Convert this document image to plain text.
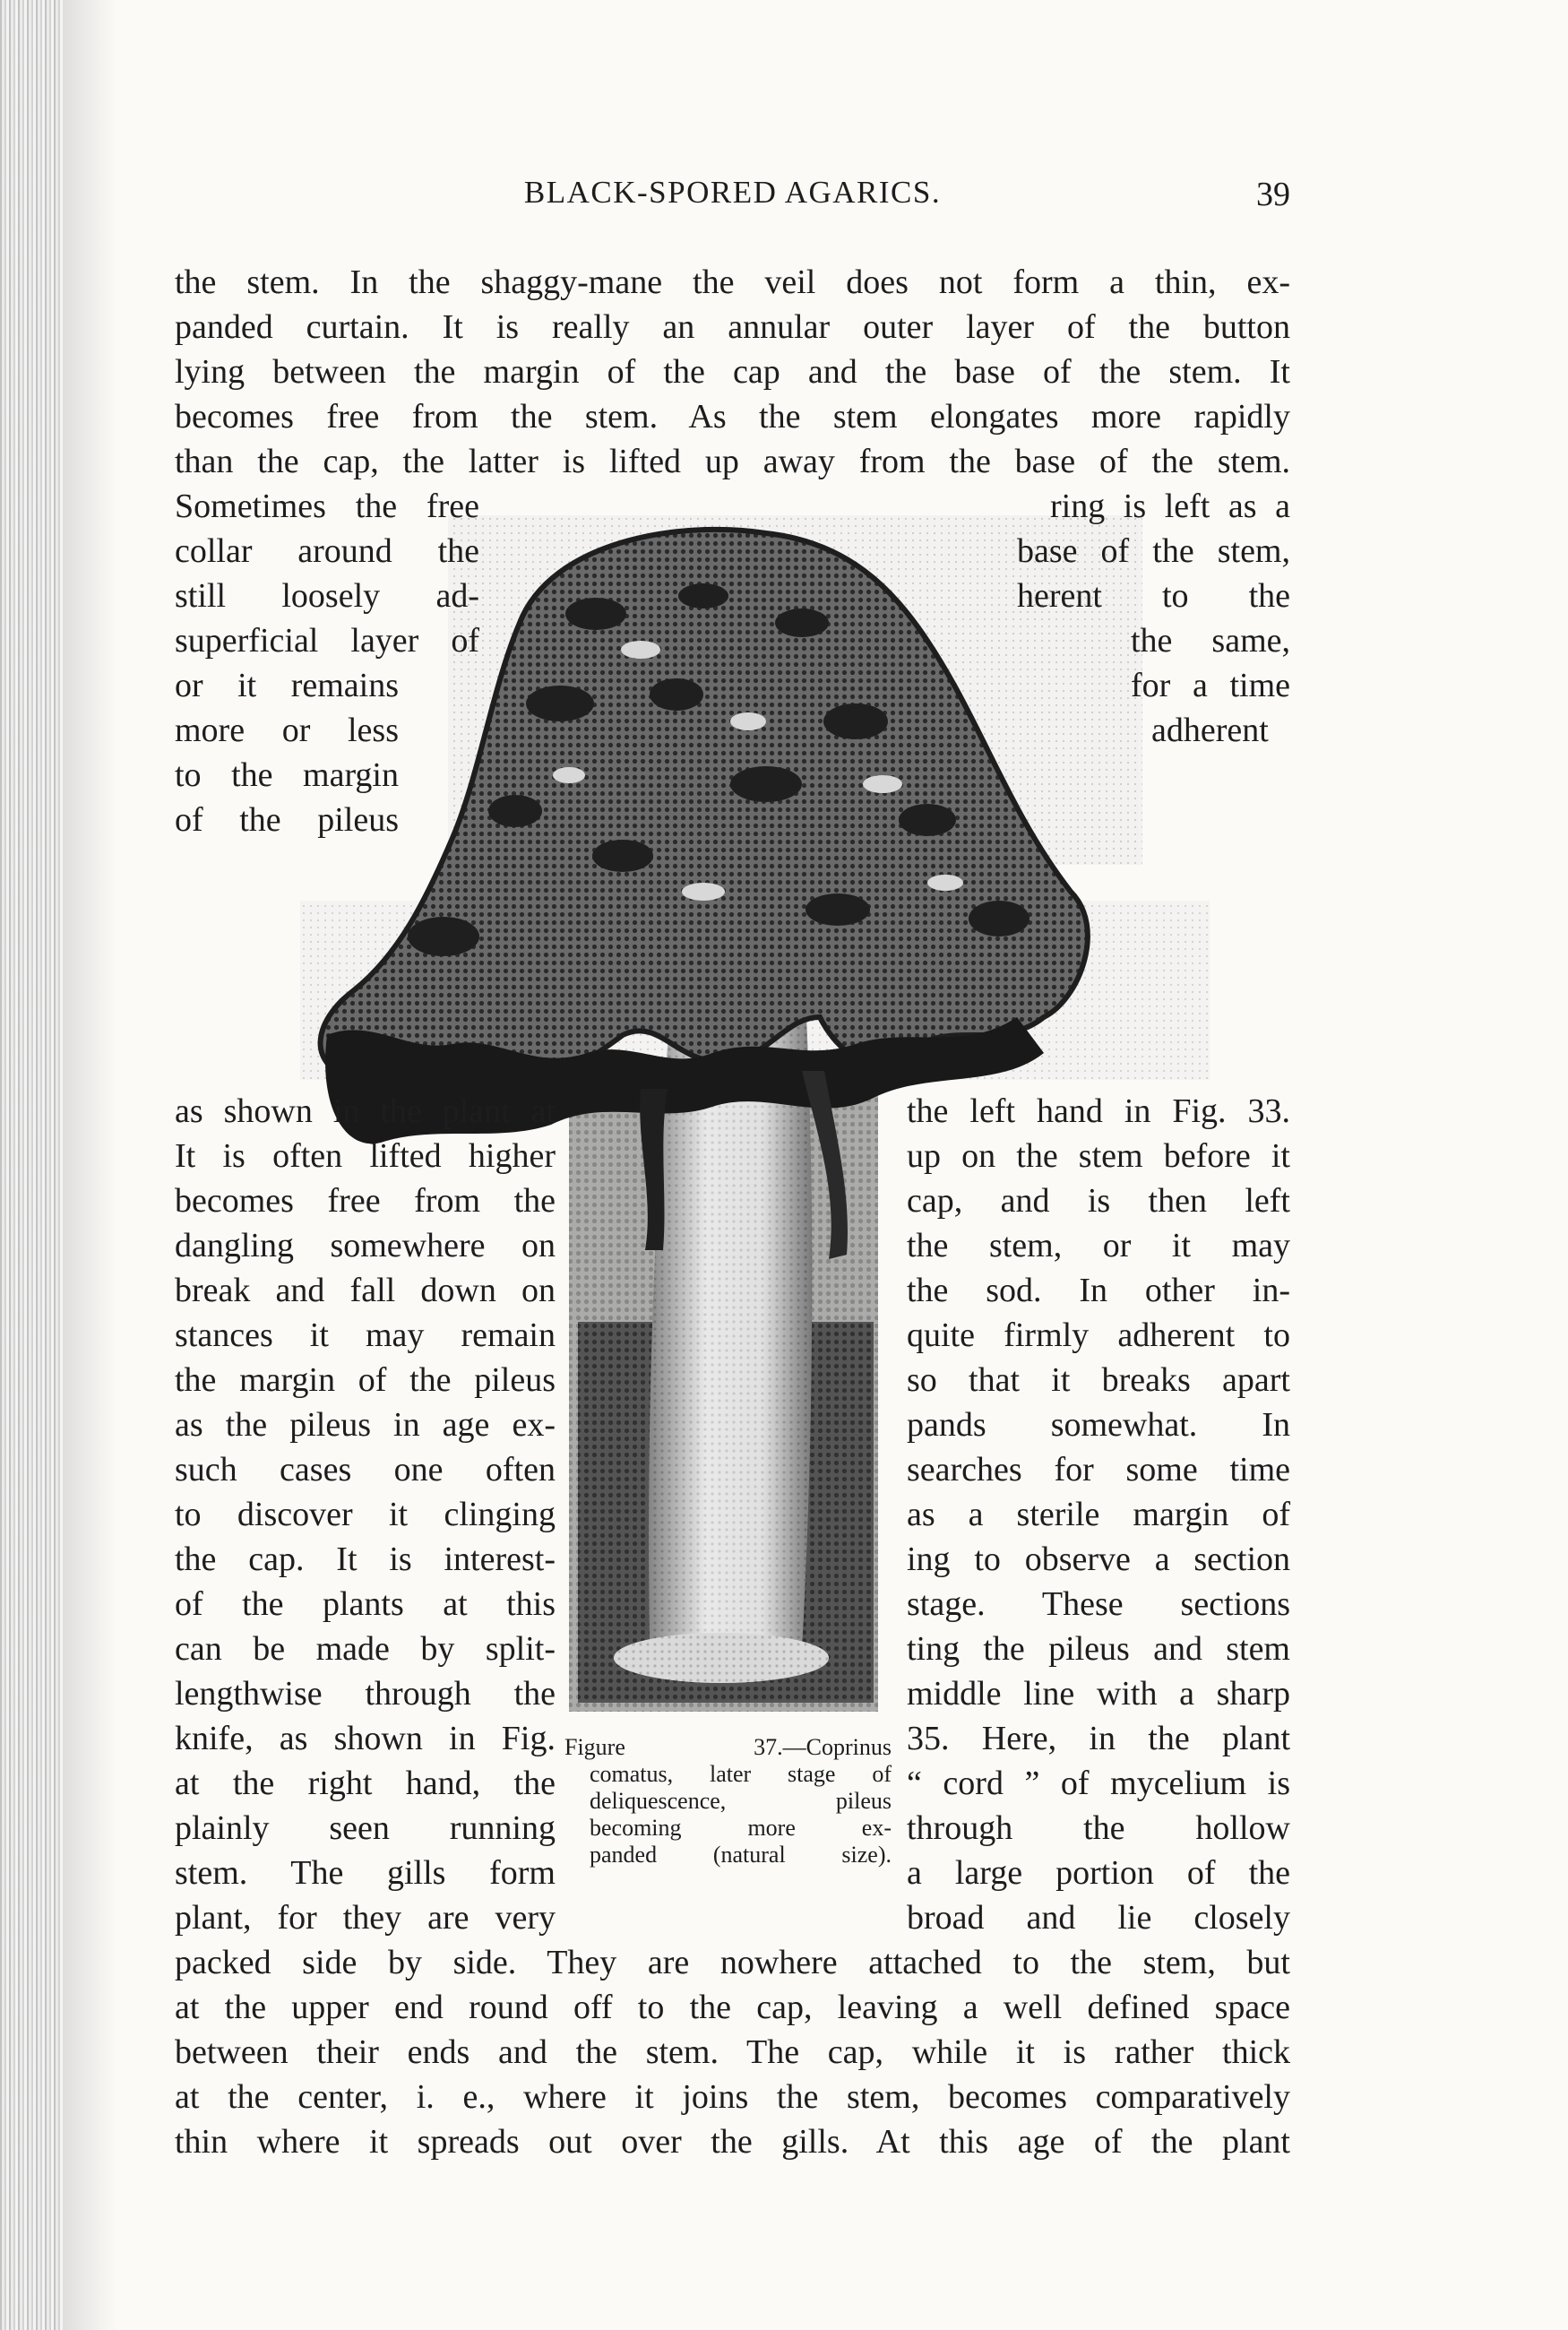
BLACK-SPORED AGARICS.	39
the stem. In the shaggy-mane the veil does not form a thin, ex-
panded curtain. It is really an annular outer layer of the button
lying between the margin of the cap and the base of the stem. It
becomes free from the stem. As the stem elongates more rapidly
than the cap, the latter is lifted up away from the base of the stem.
Sometimes the free
collar around the
still loosely ad-
superficial layer of
or it remains
more or less
to the margin
of the pileus
ring is left as a
base of the stem,
herent to the
the same,
for a time
adherent
as shown in the plant at
It is often lifted higher
becomes free from the
dangling somewhere on
break and fall down on
stances it may remain
the margin of the pileus
as the pileus in age ex-
such cases one often
to discover it clinging
the cap. It is interest-
of the plants at this
can be made by split-
lengthwise through the
knife, as shown in Fig.
at the right hand, the
plainly seen running
stem. The gills form
plant, for they are very
the left hand in Fig. 33.
up on the stem before it
cap, and is then left
the stem, or it may
the sod. In other in-
quite firmly adherent to
so that it breaks apart
pands somewhat. In
searches for some time
as a sterile margin of
ing to observe a section
stage. These sections
ting the pileus and stem
middle line with a sharp
35. Here, in the plant
“ cord ” of mycelium is
through the hollow
a large portion of the
broad and lie closely
Figure 37.—Coprinus
comatus, later stage of
deliquescence, pileus
becoming more ex-
panded (natural size).
packed side by side. They are nowhere attached to the stem, but
at the upper end round off to the cap, leaving a well defined space
between their ends and the stem. The cap, while it is rather thick
at the center, i. e., where it joins the stem, becomes comparatively
thin where it spreads out over the gills. At this age of the plant
